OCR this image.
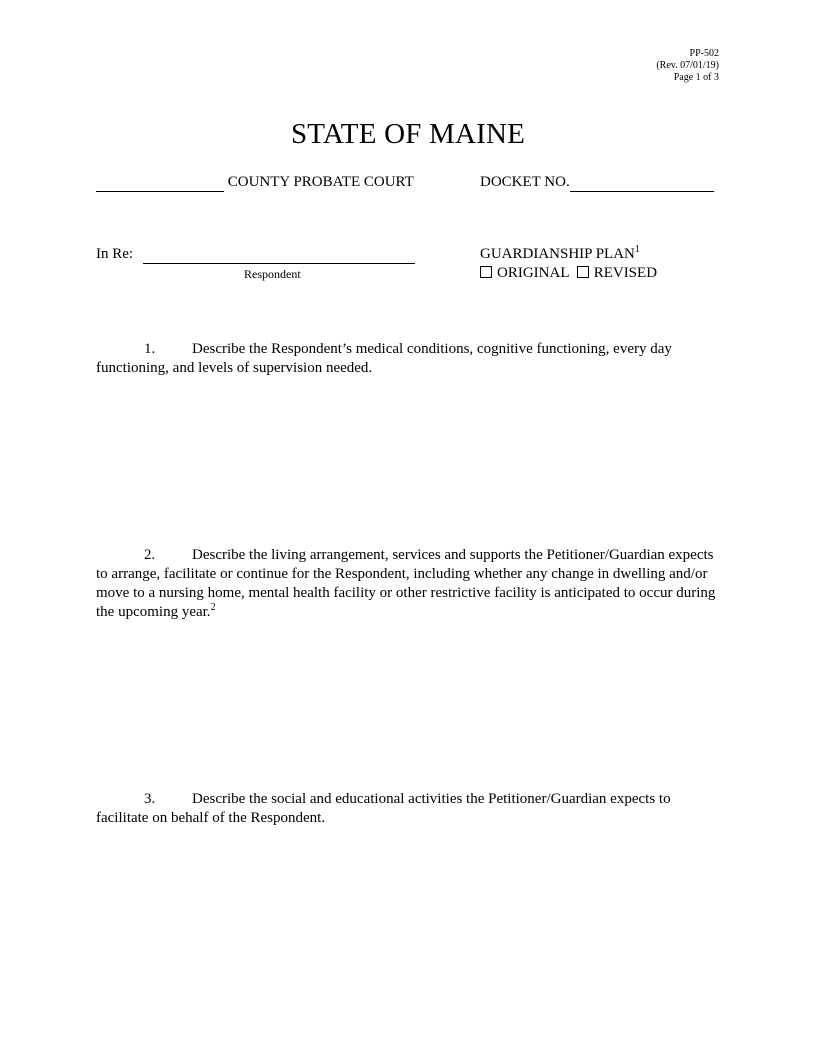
PP-502
(Rev. 07/01/19)
Page 1 of 3
STATE OF MAINE
COUNTY PROBATE COURT	DOCKET NO.
In Re:
Respondent
GUARDIANSHIP PLAN$^1$
ORIGINAL REVISED
1. Describe the Respondent’s medical conditions, cognitive functioning, every day functioning, and levels of supervision needed.
2. Describe the living arrangement, services and supports the Petitioner/Guardian expects to arrange, facilitate or continue for the Respondent, including whether any change in dwelling and/or move to a nursing home, mental health facility or other restrictive facility is anticipated to occur during the upcoming year.$^2$
3. Describe the social and educational activities the Petitioner/Guardian expects to facilitate on behalf of the Respondent.
